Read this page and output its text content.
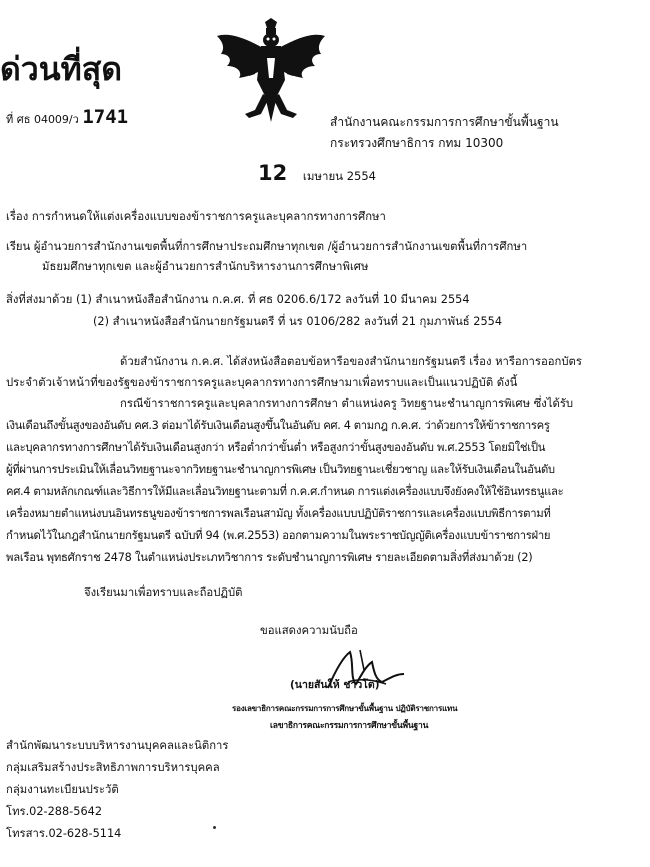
ด่วนที่สุด
ที่ ศธ 04009/ว 1741	สำนักงานคณะกรรมการการศึกษาขั้นพื้นฐาน
กระทรวงศึกษาธิการ กทม 10300
12 เมษายน 2554
เรื่อง การกำหนดให้แต่งเครื่องแบบของข้าราชการครูและบุคลากรทางการศึกษา
เรียน ผู้อำนวยการสำนักงานเขตพื้นที่การศึกษาประถมศึกษาทุกเขต /ผู้อำนวยการสำนักงานเขตพื้นที่การศึกษา
มัธยมศึกษาทุกเขต และผู้อำนวยการสำนักบริหารงานการศึกษาพิเศษ
สิ่งที่ส่งมาด้วย (1) สำเนาหนังสือสำนักงาน ก.ค.ศ. ที่ ศธ 0206.6/172 ลงวันที่ 10 มีนาคม 2554
(2) สำเนาหนังสือสำนักนายกรัฐมนตรี ที่ นร 0106/282 ลงวันที่ 21 กุมภาพันธ์ 2554
ด้วยสำนักงาน ก.ค.ศ. ได้ส่งหนังสือตอบข้อหารือของสำนักนายกรัฐมนตรี เรื่อง หารือการออกบัตร
ประจำตัวเจ้าหน้าที่ของรัฐของข้าราชการครูและบุคลากรทางการศึกษามาเพื่อทราบและเป็นแนวปฏิบัติ ดังนี้
กรณีข้าราชการครูและบุคลากรทางการศึกษา ตำแหน่งครู วิทยฐานะชำนาญการพิเศษ ซึ่งได้รับ
เงินเดือนถึงขั้นสูงของอันดับ คศ.3 ต่อมาได้รับเงินเดือนสูงขึ้นในอันดับ คศ. 4 ตามกฎ ก.ค.ศ. ว่าด้วยการให้ข้าราชการครู
และบุคลากรทางการศึกษาได้รับเงินเดือนสูงกว่า หรือต่ำกว่าขั้นต่ำ หรือสูงกว่าขั้นสูงของอันดับ พ.ศ.2553 โดยมิใช่เป็น
ผู้ที่ผ่านการประเมินให้เลื่อนวิทยฐานะจากวิทยฐานะชำนาญการพิเศษ เป็นวิทยฐานะเชี่ยวชาญ และให้รับเงินเดือนในอันดับ
คศ.4 ตามหลักเกณฑ์และวิธีการให้มีและเลื่อนวิทยฐานะตามที่ ก.ค.ศ.กำหนด การแต่งเครื่องแบบจึงยังคงให้ใช้อินทรธนูและ
เครื่องหมายตำแหน่งบนอินทรธนูของข้าราชการพลเรือนสามัญ ทั้งเครื่องแบบปฏิบัติราชการและเครื่องแบบพิธีการตามที่
กำหนดไว้ในกฎสำนักนายกรัฐมนตรี ฉบับที่ 94 (พ.ศ.2553) ออกตามความในพระราชบัญญัติเครื่องแบบข้าราชการฝ่าย
พลเรือน พุทธศักราช 2478 ในตำแหน่งประเภทวิชาการ ระดับชำนาญการพิเศษ รายละเอียดตามสิ่งที่ส่งมาด้วย (2)
จึงเรียนมาเพื่อทราบและถือปฏิบัติ
ขอแสดงความนับถือ
(นายสันให้ ชาวโต)
รองเลขาธิการคณะกรรมการการศึกษาขั้นพื้นฐาน ปฏิบัติราชการแทน
เลขาธิการคณะกรรมการการศึกษาขั้นพื้นฐาน
สำนักพัฒนาระบบบริหารงานบุคคลและนิติการ
กลุ่มเสริมสร้างประสิทธิภาพการบริหารบุคคล
กลุ่มงานทะเบียนประวัติ
โทร.02-288-5642
โทรสาร.02-628-5114
